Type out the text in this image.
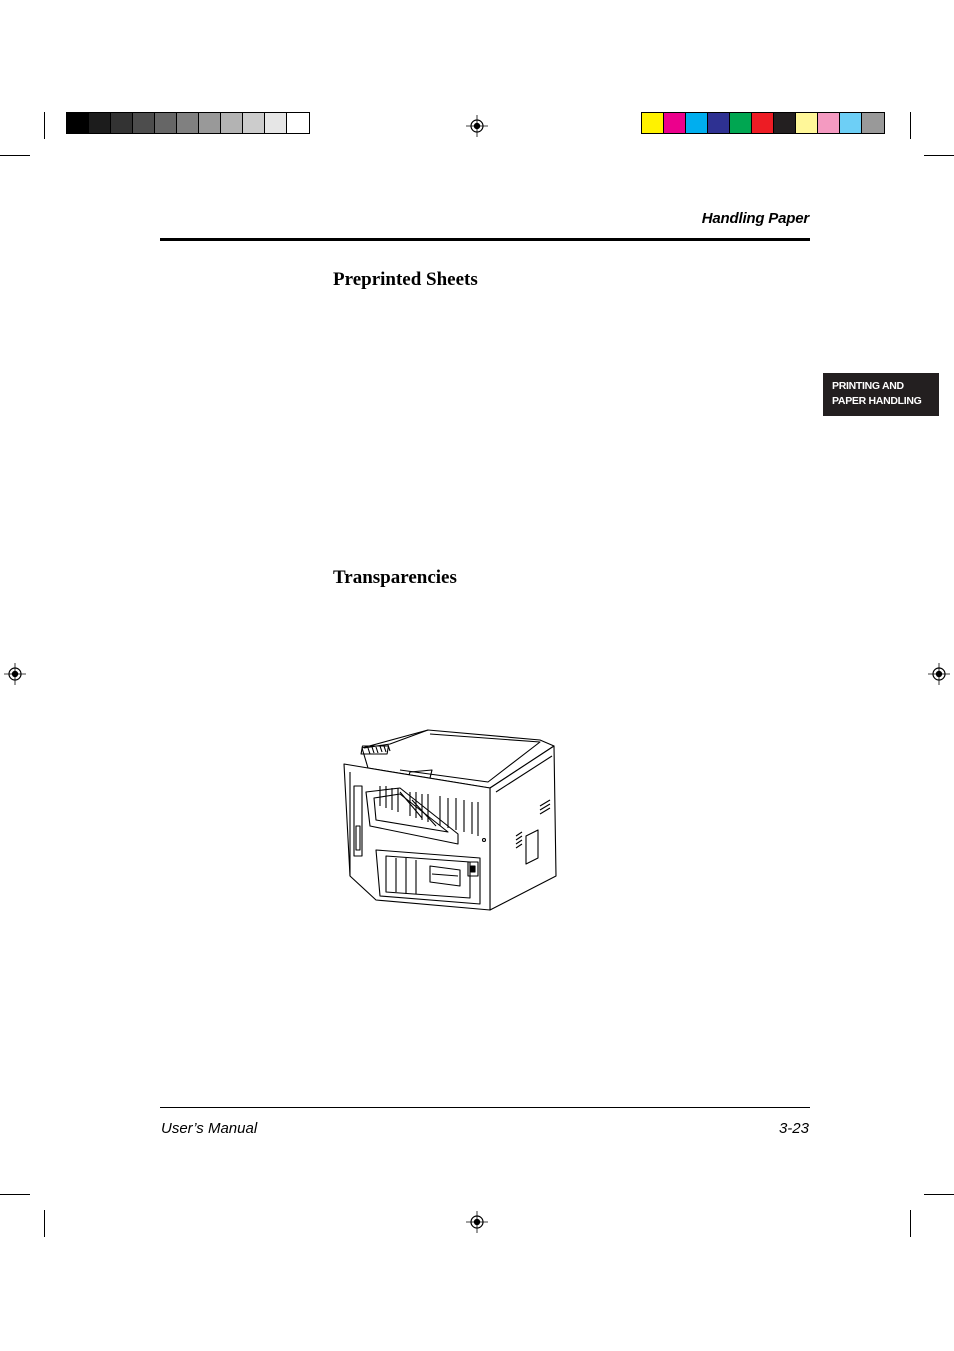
Handling Paper
Preprinted Sheets
Transparencies
PRINTING AND
PAPER HANDLING
User’s Manual	3-23
